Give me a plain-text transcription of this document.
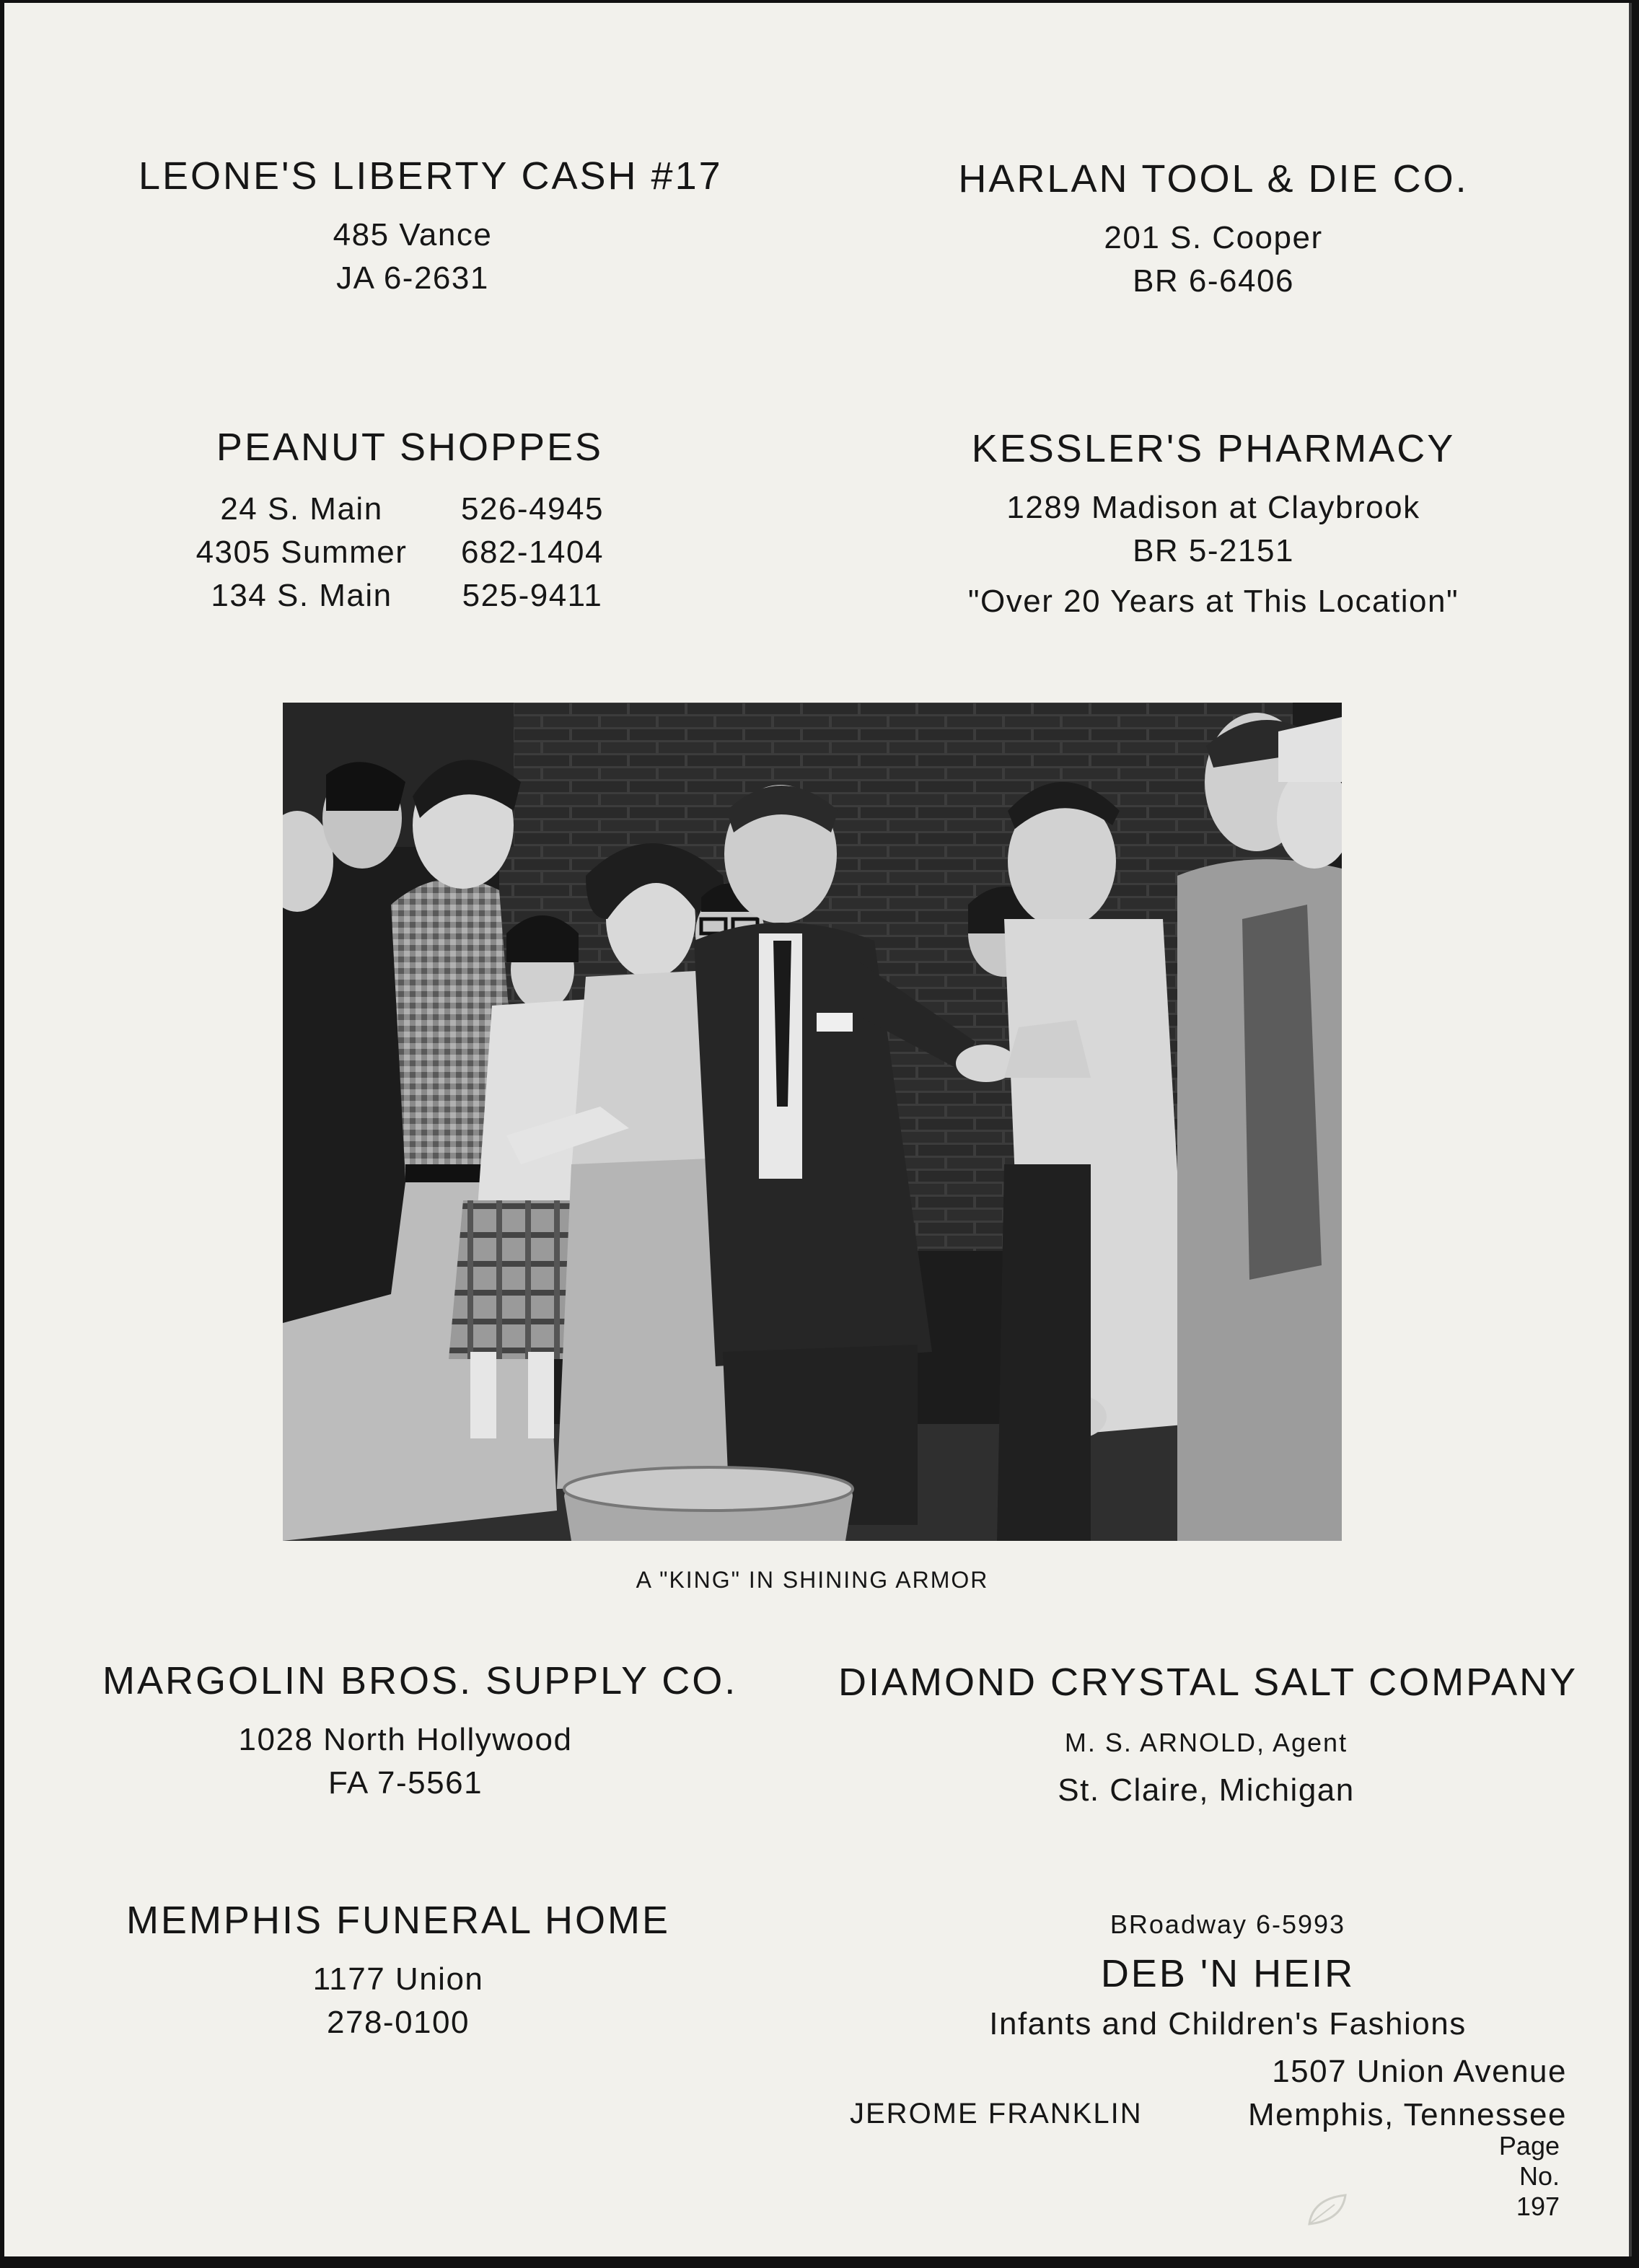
LEONE'S LIBERTY CASH #17
485 Vance
JA 6-2631
HARLAN TOOL & DIE CO.
201 S. Cooper
BR 6-6406
PEANUT SHOPPES
24 S. Main	526-4945
4305 Summer	682-1404
134 S. Main	525-9411
KESSLER'S PHARMACY
1289 Madison at Claybrook
BR 5-2151
"Over 20 Years at This Location"
A "KING" IN SHINING ARMOR
MARGOLIN BROS. SUPPLY CO.
1028 North Hollywood
FA 7-5561
DIAMOND CRYSTAL SALT COMPANY
M. S. ARNOLD, Agent
St. Claire, Michigan
MEMPHIS FUNERAL HOME
1177 Union
278-0100
BRoadway 6-5993
DEB 'N HEIR
Infants and Children's Fashions
1507 Union Avenue
Memphis, Tennessee
JEROME FRANKLIN
Page
No.
197
